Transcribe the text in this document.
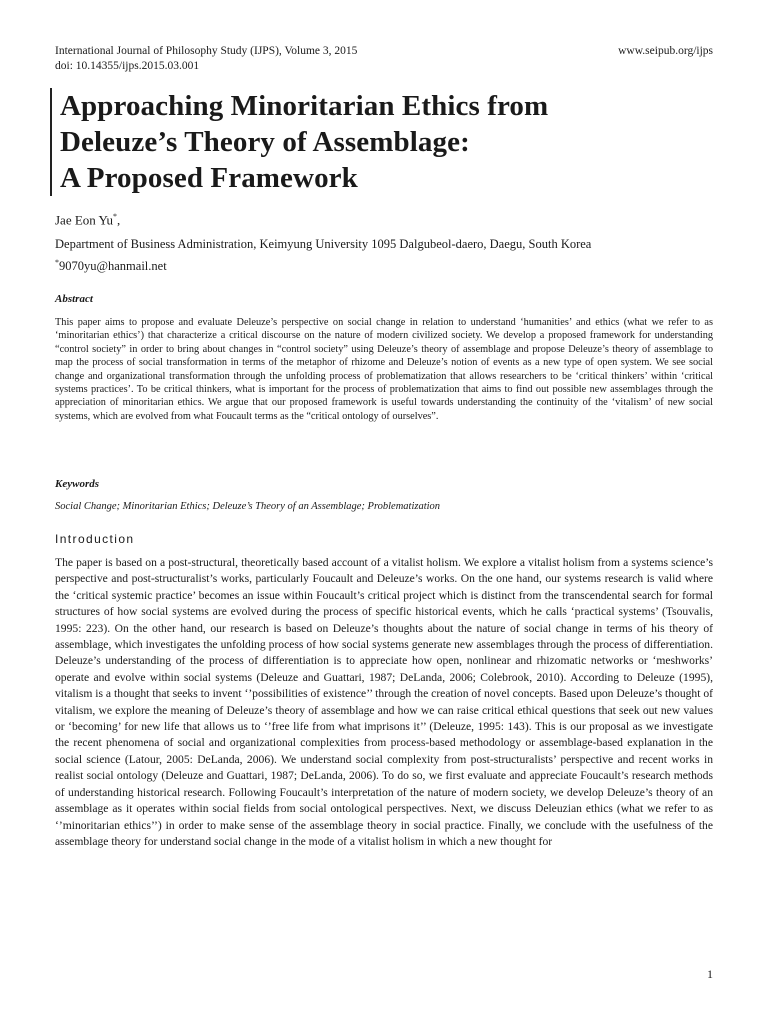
International Journal of Philosophy Study (IJPS), Volume 3, 2015
doi: 10.14355/ijps.2015.03.001
www.seipub.org/ijps
Approaching Minoritarian Ethics from
Deleuze’s Theory of Assemblage:
A Proposed Framework
Jae Eon Yu*,
Department of Business Administration, Keimyung University 1095 Dalgubeol-daero, Daegu, South Korea
*9070yu@hanmail.net
Abstract

This paper aims to propose and evaluate Deleuze’s perspective on social change in relation to understand ‘humanities’ and ethics (what we refer to as ‘minoritarian ethics’) that characterize a critical discourse on the nature of modern civilized society. We develop a proposed framework for understanding “control society” in order to bring about changes in “control society” using Deleuze’s theory of assemblage and propose Deleuze’s theory of assemblage to map the process of social transformation in terms of the metaphor of rhizome and Deleuze’s notion of events as a new type of open system. We see social change and organizational transformation through the unfolding process of problematization that allows researchers to be ‘critical thinkers’ within ‘critical systems practices’. To be critical thinkers, what is important for the process of problematization that aims to find out possible new assemblages through the appreciation of minoritarian ethics. We argue that our proposed framework is useful towards understanding the continuity of the ‘vitalism’ of new social systems, which are evolved from what Foucault terms as the “critical ontology of ourselves”.

Keywords
Social Change; Minoritarian Ethics; Deleuze’s Theory of an Assemblage; Problematization
Introduction

The paper is based on a post-structural, theoretically based account of a vitalist holism. We explore a vitalist holism from a systems science’s perspective and post-structuralist’s works, particularly Foucault and Deleuze’s works. On the one hand, our systems research is valid where the ‘critical systemic practice’ becomes an issue within Foucault’s critical project which is distinct from the transcendental search for formal structures of how social systems are evolved during the process of specific historical events, which he calls ‘practical systems’ (Tsouvalis, 1995: 223). On the other hand, our research is based on Deleuze’s thoughts about the nature of social change in terms of his theory of assemblage, which investigates the unfolding process of how social systems generate new assemblages through the process of differentiation. Deleuze’s understanding of the process of differentiation is to appreciate how open, nonlinear and rhizomatic networks or ‘meshworks’ operate and evolve within social systems (Deleuze and Guattari, 1987; DeLanda, 2006; Colebrook, 2010). According to Deleuze (1995), vitalism is a thought that seeks to invent ‘’possibilities of existence’’ through the creation of novel concepts. Based upon Deleuze’s thought of vitalism, we explore the meaning of Deleuze’s theory of assemblage and how we can raise critical ethical questions that seek out new values or ‘becoming’ for new life that allows us to ‘’free life from what imprisons it’’ (Deleuze, 1995: 143). This is our proposal as we investigate the recent phenomena of social and organizational complexities from process-based methodology or assemblage-based explanation in the social science (Latour, 2005: DeLanda, 2006). We understand social complexity from post-structuralists’ perspective and recent works in realist social ontology (Deleuze and Guattari, 1987; DeLanda, 2006). To do so, we first evaluate and appreciate Foucault’s research methods of understanding historical research. Following Foucault’s interpretation of the nature of modern society, we develop Deleuze’s theory of an assemblage as it operates within social fields from social ontological perspectives. Next, we discuss Deleuzian ethics (what we refer to as ‘’minoritarian ethics’’) in order to make sense of the assemblage theory in social practice. Finally, we conclude with the usefulness of the assemblage theory for understand social change in the mode of a vitalist holism in which a new thought for

1
